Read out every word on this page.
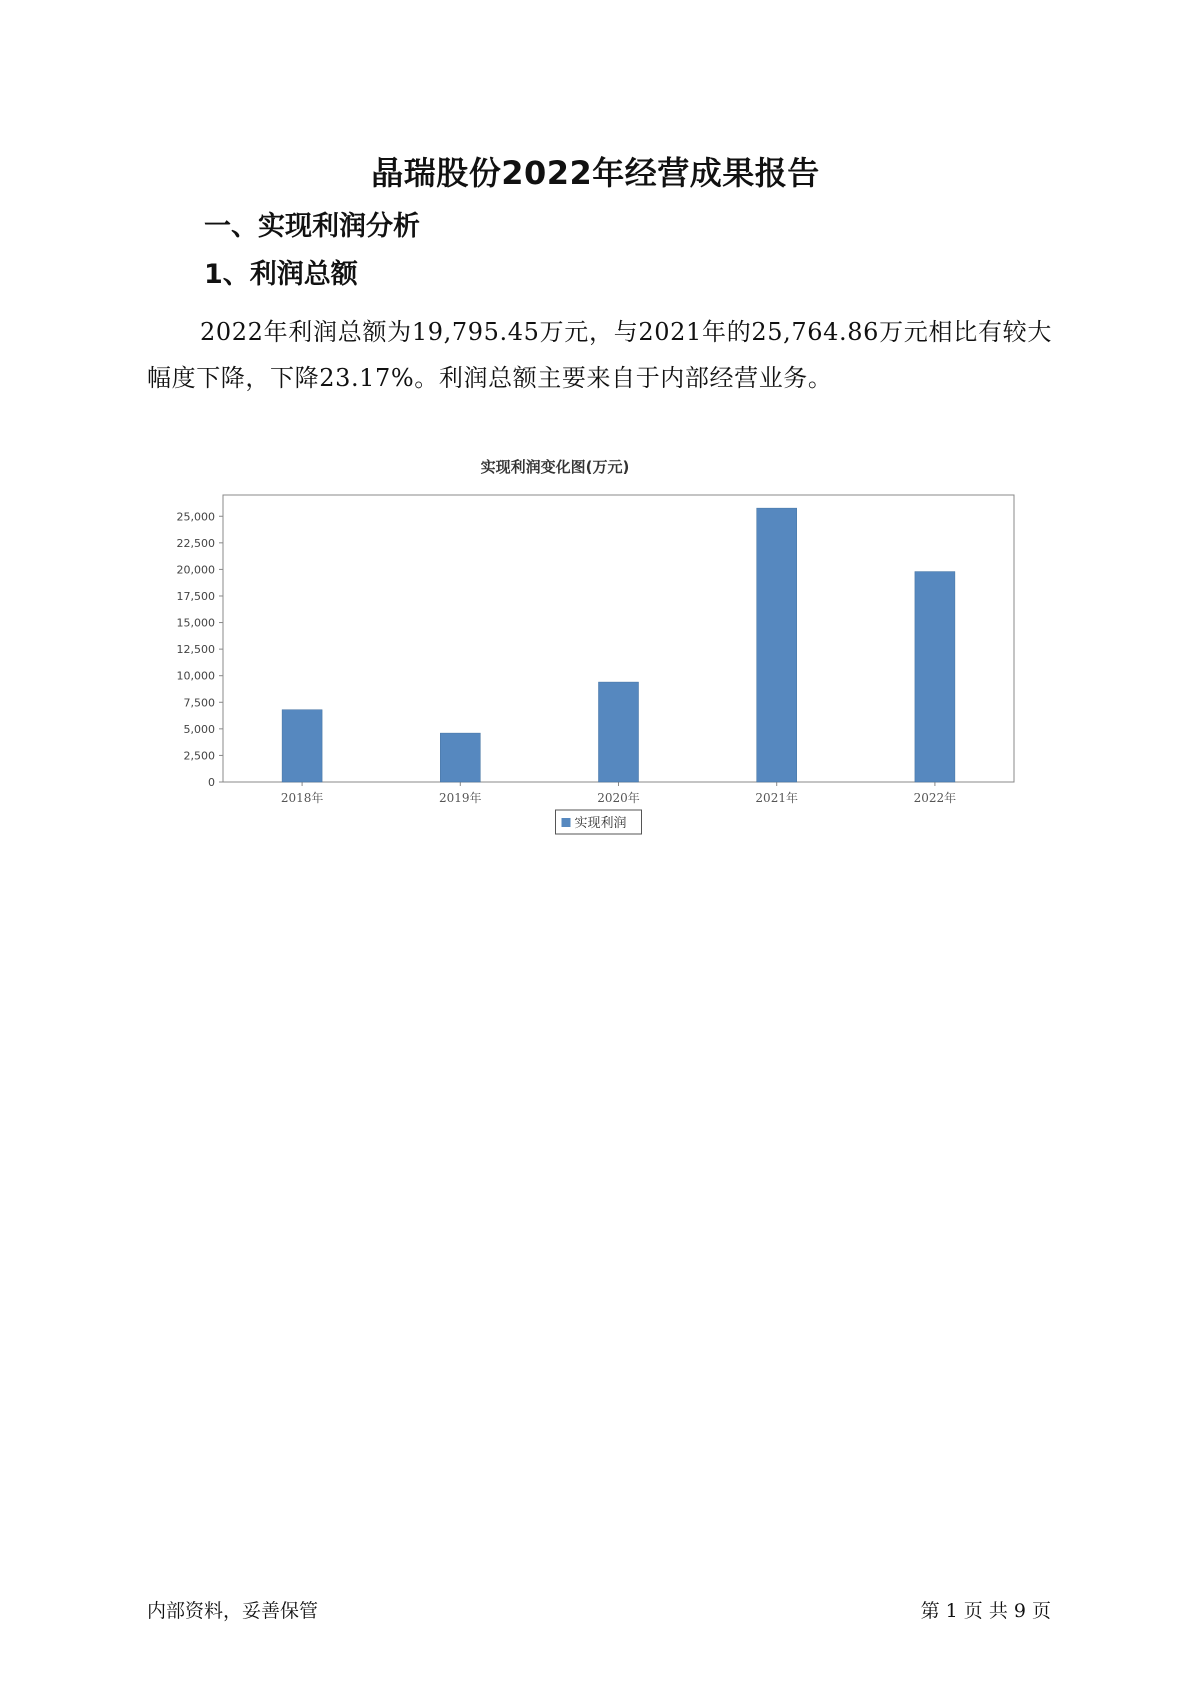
晶瑞股份2022年经营成果报告
一、实现利润分析
1、利润总额

2022年利润总额为19,795.45万元，与2021年的25,764.86万元相比有较大幅度下降，下降23.17%。利润总额主要来自于内部经营业务。

实现利润变化图(万元)
0
2,500
5,000
7,500
10,000
12,500
15,000
17,500
20,000
22,500
25,000
2018年	2019年	2020年	2021年	2022年
实现利润
内部资料，妥善保管	第 1 页 共 9 页
